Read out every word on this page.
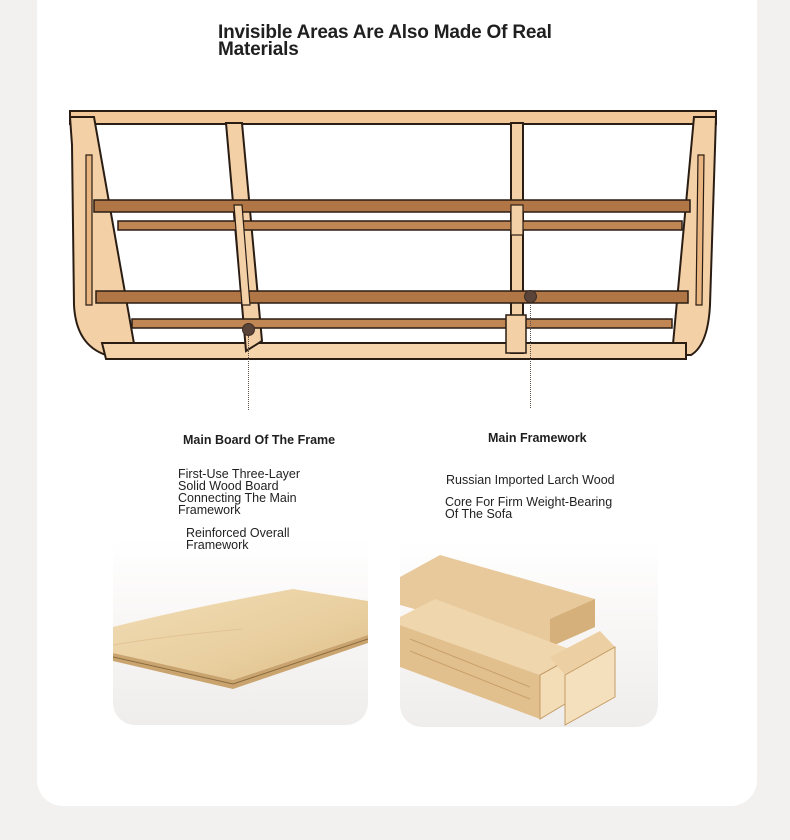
Invisible Areas Are Also Made Of Real Materials
Main Board Of The Frame
First-Use Three-Layer Solid Wood Board Connecting The Main Framework
Reinforced Overall Framework
Main Framework
Russian Imported Larch Wood
Core For Firm Weight-Bearing Of The Sofa
